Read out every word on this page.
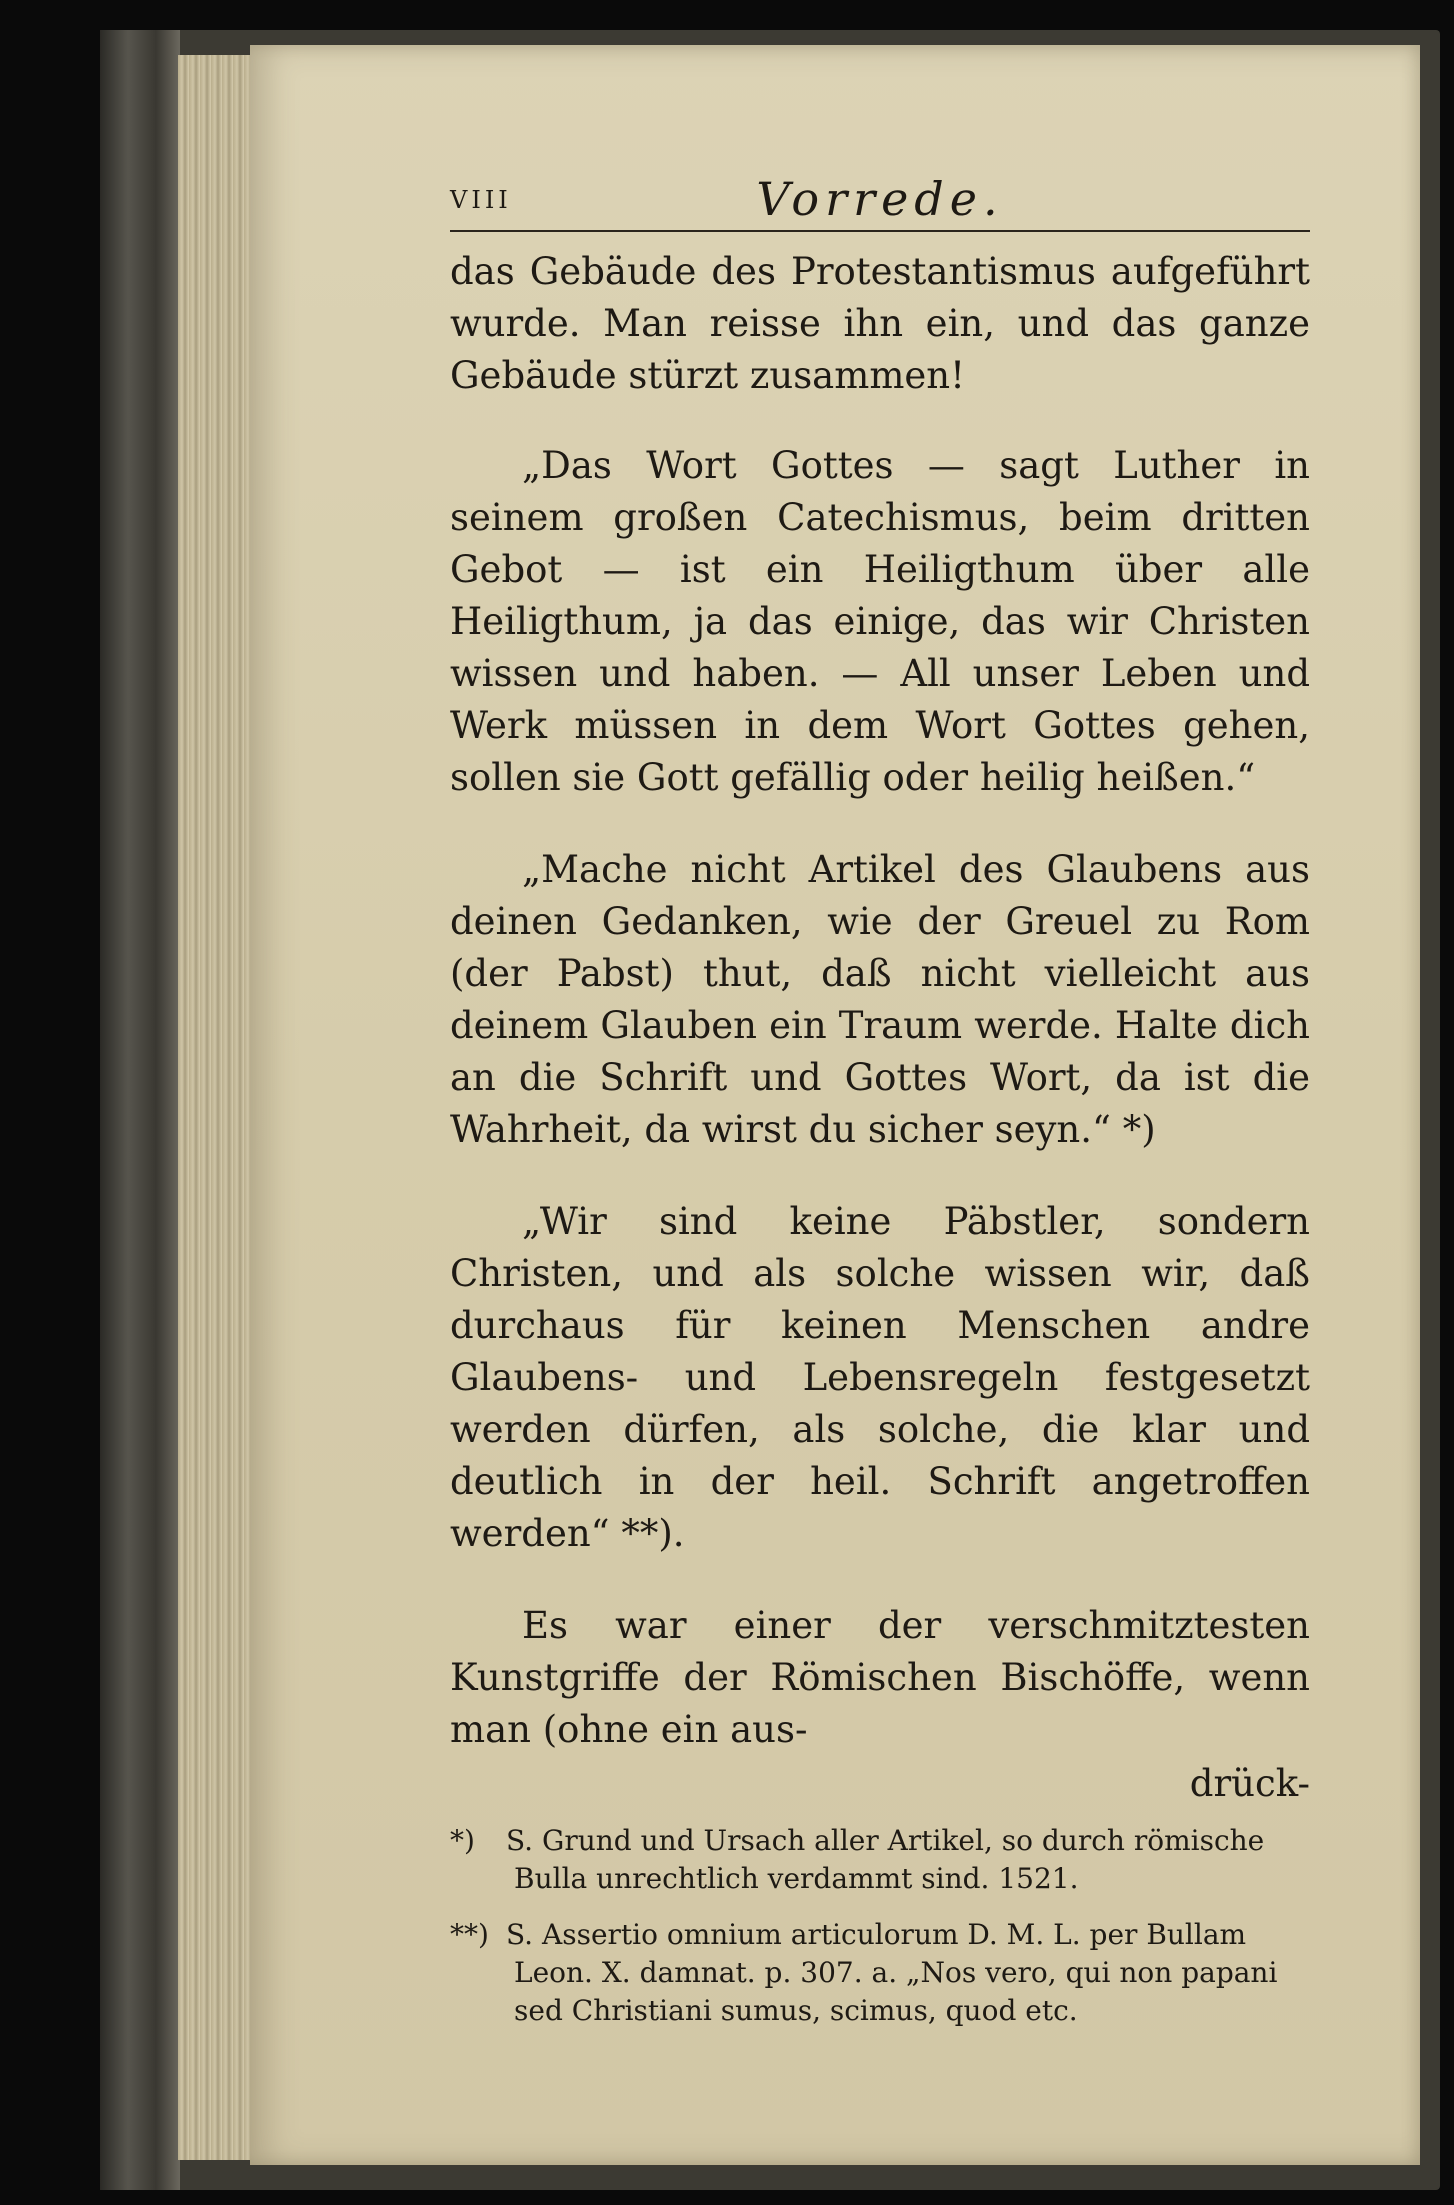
VIII	Vorrede.

das Gebäude des Protestantismus aufgeführt wurde. Man reisse ihn ein, und das ganze Gebäude stürzt zusammen!

„Das Wort Gottes — sagt Luther in seinem großen Catechismus, beim dritten Gebot — ist ein Heiligthum über alle Heiligthum, ja das einige, das wir Christen wissen und haben. — All unser Leben und Werk müssen in dem Wort Gottes gehen, sollen sie Gott gefällig oder heilig heißen.“

„Mache nicht Artikel des Glaubens aus deinen Gedanken, wie der Greuel zu Rom (der Pabst) thut, daß nicht vielleicht aus deinem Glauben ein Traum werde. Halte dich an die Schrift und Gottes Wort, da ist die Wahrheit, da wirst du sicher seyn.“ *)

„Wir sind keine Päbstler, sondern Christen, und als solche wissen wir, daß durchaus für keinen Menschen andre Glaubens- und Lebensregeln festgesetzt werden dürfen, als solche, die klar und deutlich in der heil. Schrift angetroffen werden“ **).

Es war einer der verschmitztesten Kunstgriffe der Römischen Bischöffe, wenn man (ohne ein aus-

drück-

*) S. Grund und Ursach aller Artikel, so durch römische Bulla unrechtlich verdammt sind. 1521.

**) S. Assertio omnium articulorum D. M. L. per Bullam Leon. X. damnat. p. 307. a. „Nos vero, qui non papani sed Christiani sumus, scimus, quod etc.
